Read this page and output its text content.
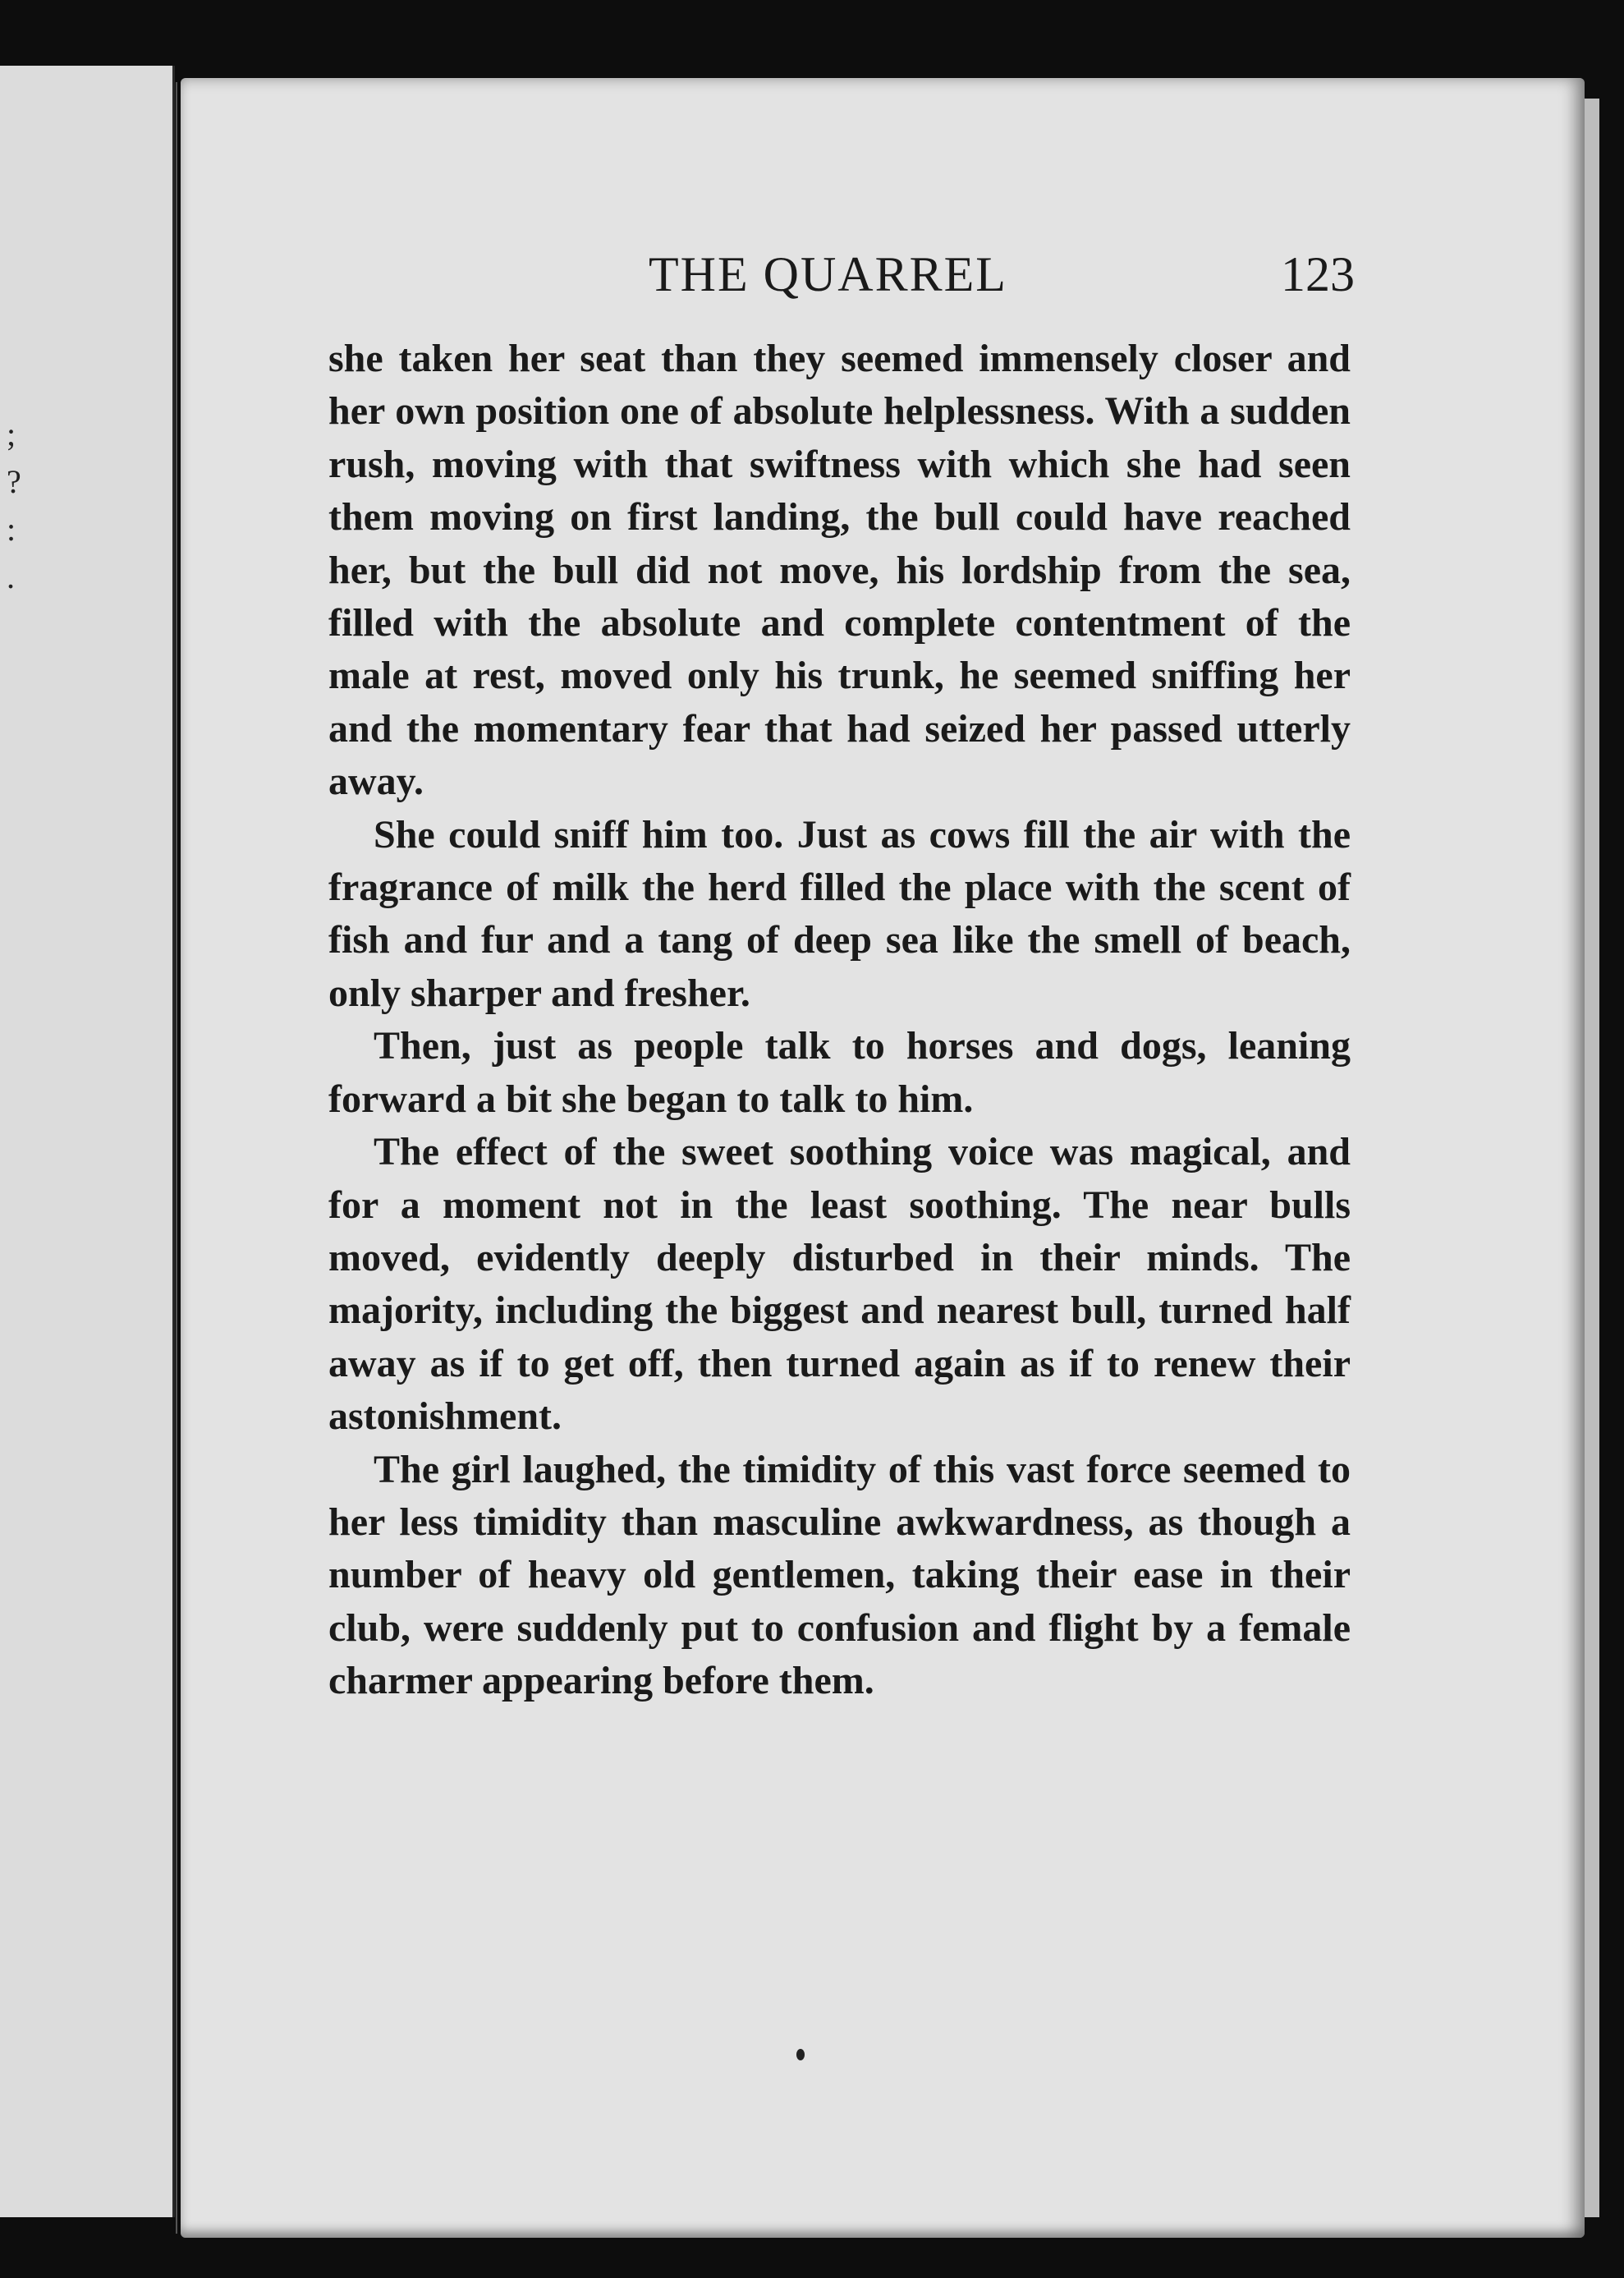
;
?
:
.
THE QUARREL	123

she taken her seat than they seemed immensely closer and her own position one of absolute helplessness. With a sudden rush, moving with that swiftness with which she had seen them moving on first landing, the bull could have reached her, but the bull did not move, his lordship from the sea, filled with the absolute and complete contentment of the male at rest, moved only his trunk, he seemed sniffing her and the momentary fear that had seized her passed utterly away.

She could sniff him too. Just as cows fill the air with the fragrance of milk the herd filled the place with the scent of fish and fur and a tang of deep sea like the smell of beach, only sharper and fresher.

Then, just as people talk to horses and dogs, leaning forward a bit she began to talk to him.

The effect of the sweet soothing voice was magical, and for a moment not in the least soothing. The near bulls moved, evidently deeply disturbed in their minds. The majority, including the biggest and nearest bull, turned half away as if to get off, then turned again as if to renew their astonishment.

The girl laughed, the timidity of this vast force seemed to her less timidity than masculine awkwardness, as though a number of heavy old gentlemen, taking their ease in their club, were suddenly put to confusion and flight by a female charmer appearing before them.
